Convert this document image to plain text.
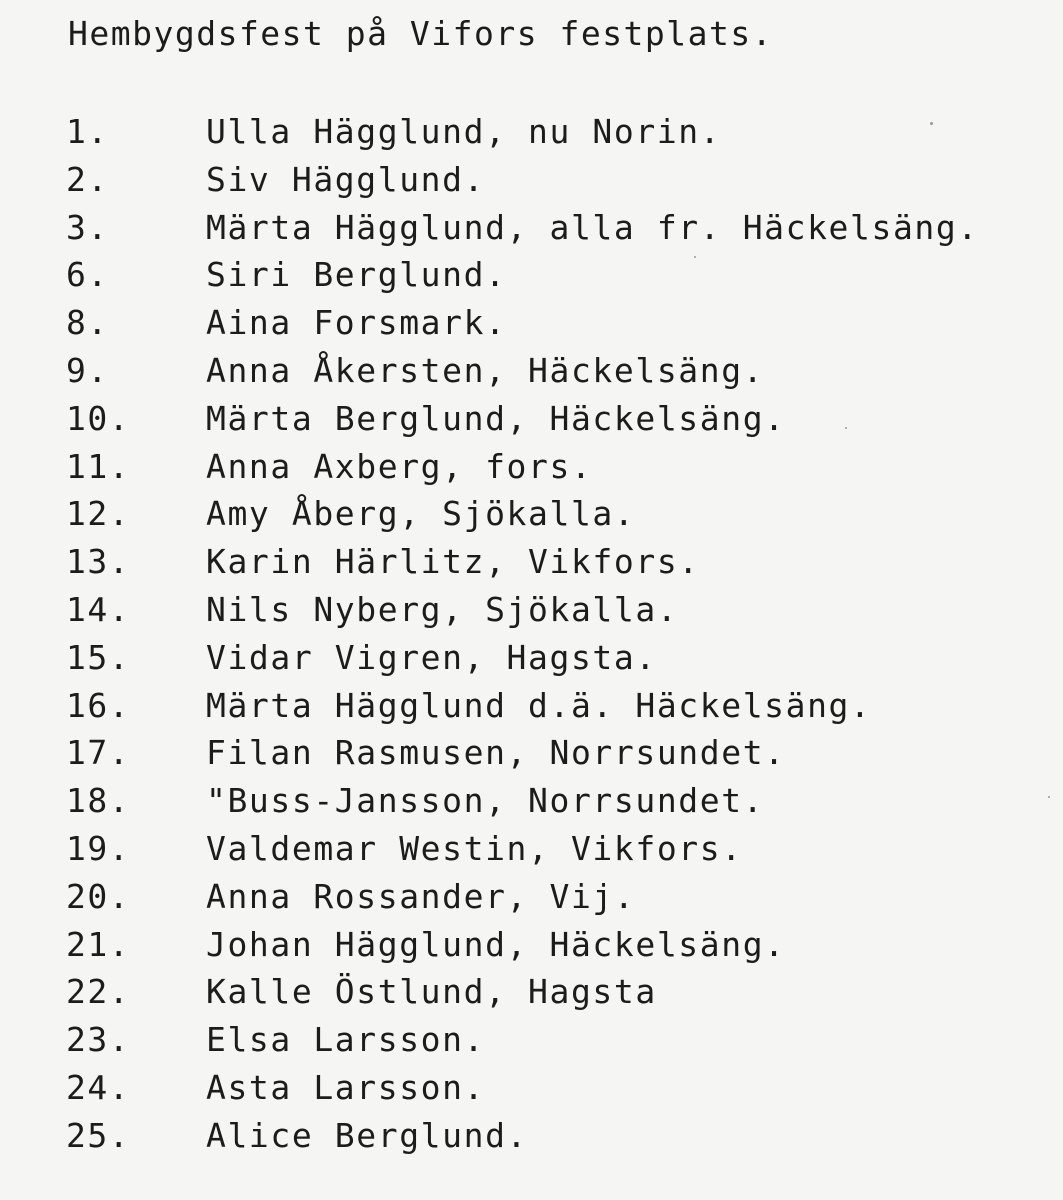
Hembygdsfest på Vifors festplats.
1.	Ulla Hägglund, nu Norin.
2.	Siv Hägglund.
3.	Märta Hägglund, alla fr. Häckelsäng.
6.	Siri Berglund.
8.	Aina Forsmark.
9.	Anna Åkersten, Häckelsäng.
10. Märta Berglund, Häckelsäng.
11. Anna Axberg, fors.
12. Amy Åberg, Sjökalla.
13. Karin Härlitz, Vikfors.
14. Nils Nyberg, Sjökalla.
15. Vidar Vigren, Hagsta.
16. Märta Hägglund d.ä. Häckelsäng.
17. Filan Rasmusen, Norrsundet.
18. "Buss-Jansson, Norrsundet.
19. Valdemar Westin, Vikfors.
20. Anna Rossander, Vij.
21. Johan Hägglund, Häckelsäng.
22. Kalle Östlund, Hagsta
23. Elsa Larsson.
24. Asta Larsson.
25. Alice Berglund.
